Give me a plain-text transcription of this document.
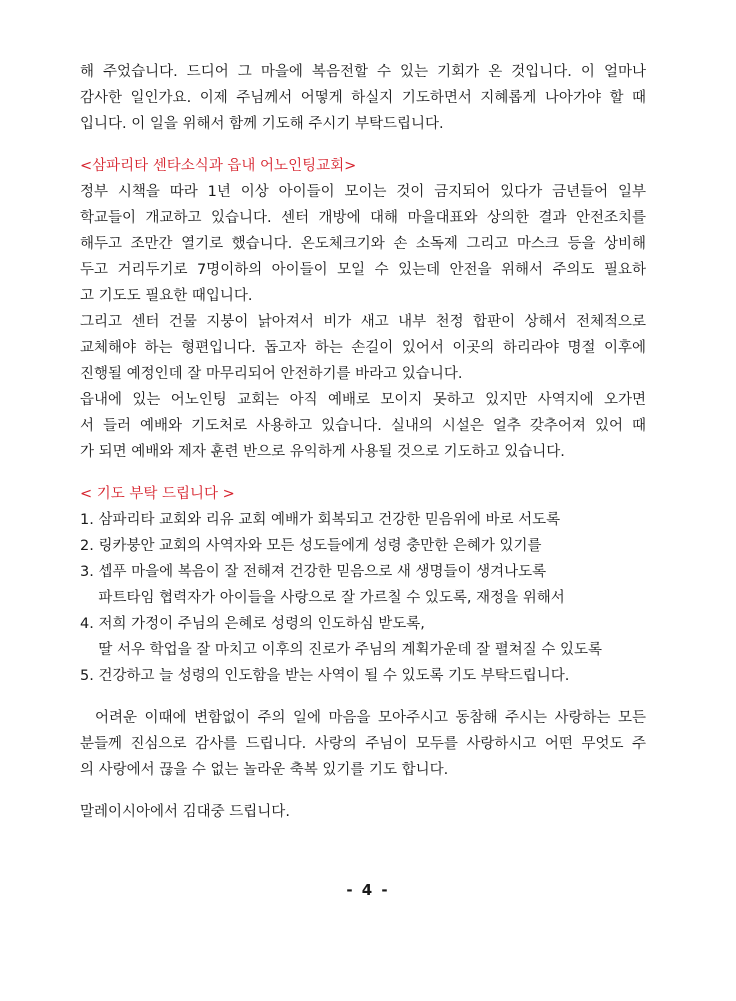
해 주었습니다. 드디어 그 마을에 복음전할 수 있는 기회가 온 것입니다. 이 얼마나
감사한 일인가요. 이제 주님께서 어떻게 하실지 기도하면서 지혜롭게 나아가야 할 때
입니다. 이 일을 위해서 함께 기도해 주시기 부탁드립니다.
<삼파리타 센타소식과 읍내 어노인팅교회>
정부 시책을 따라 1년 이상 아이들이 모이는 것이 금지되어 있다가 금년들어 일부
학교들이 개교하고 있습니다. 센터 개방에 대해 마을대표와 상의한 결과 안전조치를
해두고 조만간 열기로 했습니다. 온도체크기와 손 소독제 그리고 마스크 등을 상비해
두고 거리두기로 7명이하의 아이들이 모일 수 있는데 안전을 위해서 주의도 필요하
고 기도도 필요한 때입니다.
그리고 센터 건물 지붕이 낡아져서 비가 새고 내부 천정 합판이 상해서 전체적으로
교체해야 하는 형편입니다. 돕고자 하는 손길이 있어서 이곳의 하리라야 명절 이후에
진행될 예정인데 잘 마무리되어 안전하기를 바라고 있습니다.
읍내에 있는 어노인팅 교회는 아직 예배로 모이지 못하고 있지만 사역지에 오가면
서 들러 예배와 기도처로 사용하고 있습니다. 실내의 시설은 얼추 갖추어져 있어 때
가 되면 예배와 제자 훈련 반으로 유익하게 사용될 것으로 기도하고 있습니다.
< 기도 부탁 드립니다 >
1. 삼파리타 교회와 리유 교회 예배가 회복되고 건강한 믿음위에 바로 서도록
2. 링카붕안 교회의 사역자와 모든 성도들에게 성령 충만한 은혜가 있기를
3. 셉푸 마을에 복음이 잘 전해져 건강한 믿음으로 새 생명들이 생겨나도록
파트타임 협력자가 아이들을 사랑으로 잘 가르칠 수 있도록, 재정을 위해서
4. 저희 가정이 주님의 은혜로 성령의 인도하심 받도록,
딸 서우 학업을 잘 마치고 이후의 진로가 주님의 계획가운데 잘 펼쳐질 수 있도록
5. 건강하고 늘 성령의 인도함을 받는 사역이 될 수 있도록 기도 부탁드립니다.
어려운 이때에 변함없이 주의 일에 마음을 모아주시고 동참해 주시는 사랑하는 모든
분들께 진심으로 감사를 드립니다. 사랑의 주님이 모두를 사랑하시고 어떤 무엇도 주
의 사랑에서 끊을 수 없는 놀라운 축복 있기를 기도 합니다.
말레이시아에서 김대중 드립니다.
- 4 -
